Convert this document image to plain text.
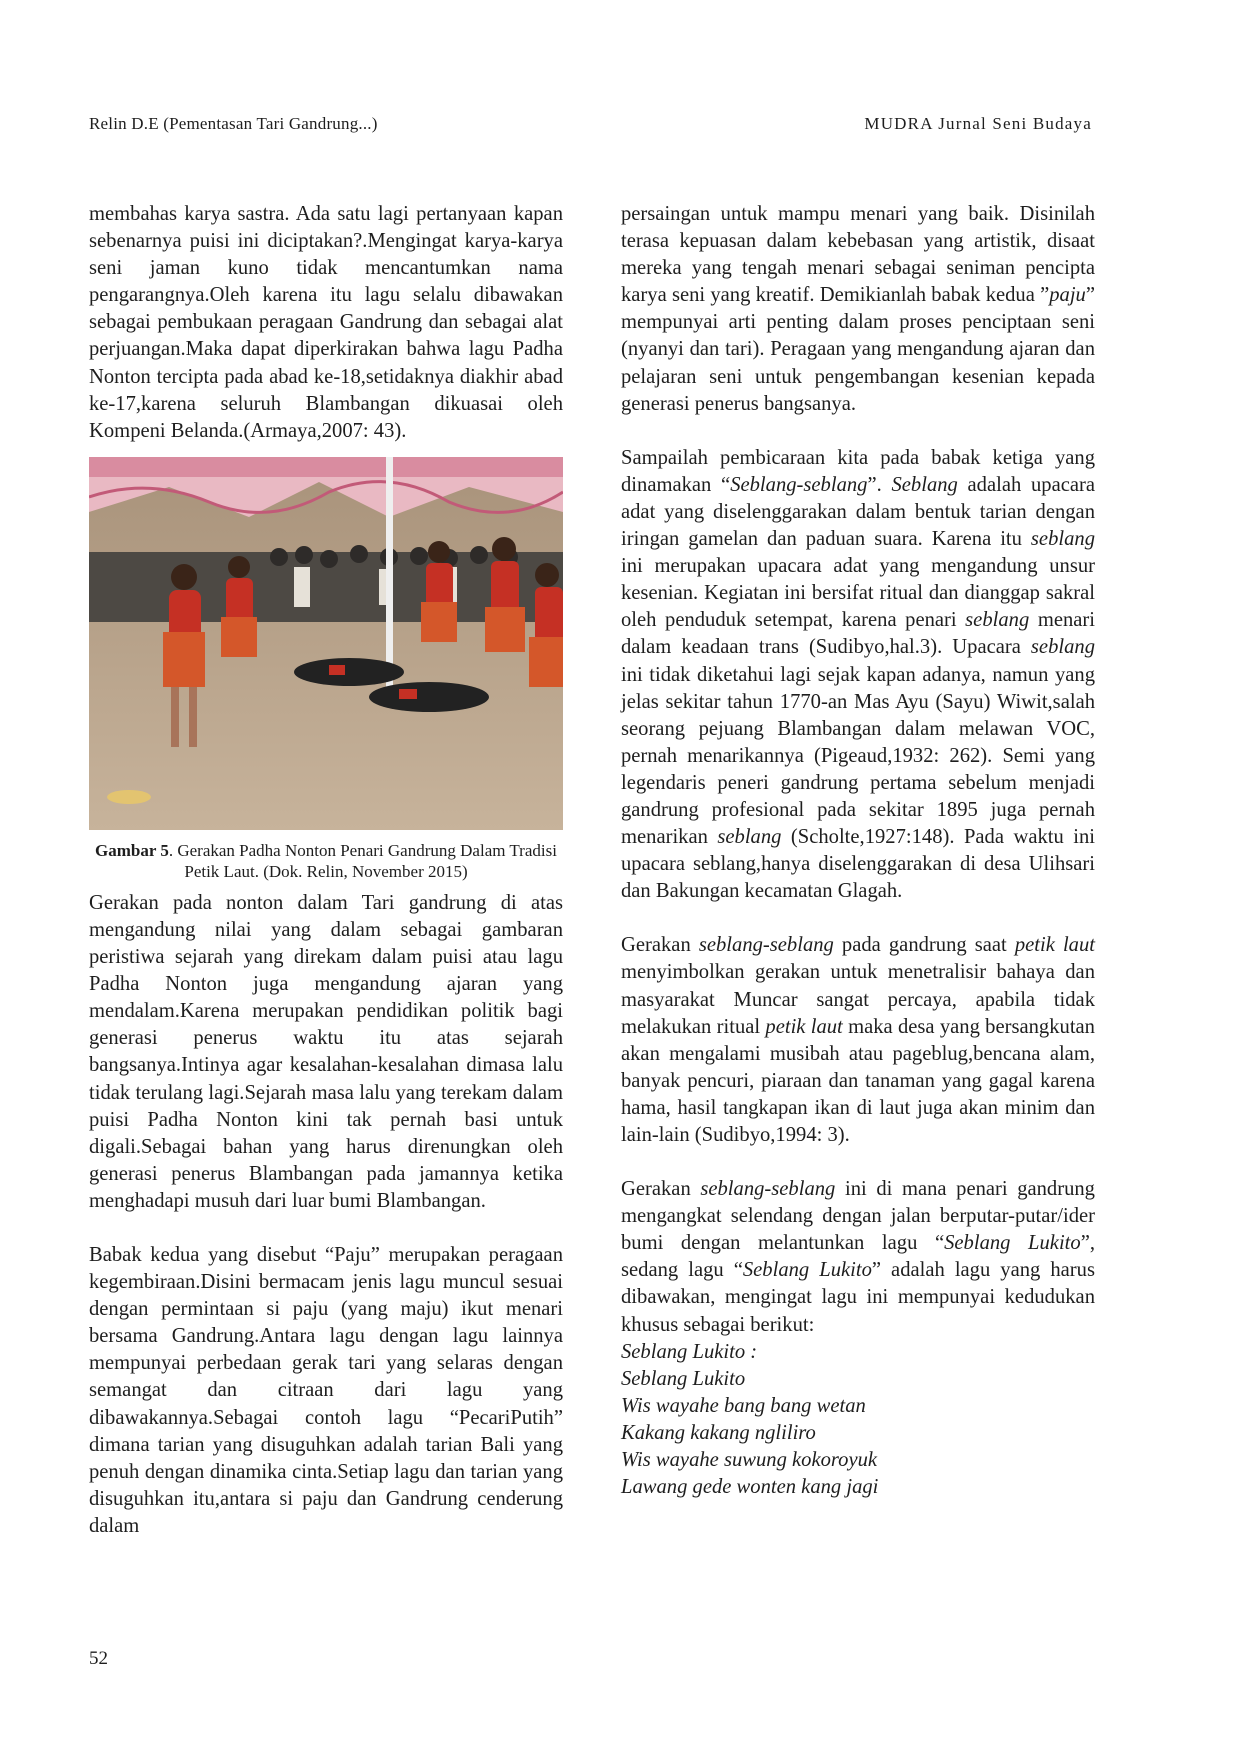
Relin D.E (Pementasan Tari Gandrung...)	MUDRA Jurnal Seni Budaya

membahas karya sastra. Ada satu lagi pertanyaan kapan sebenarnya puisi ini diciptakan?.Mengingat karya-karya seni jaman kuno tidak mencantumkan nama pengarangnya.Oleh karena itu lagu selalu dibawakan sebagai pembukaan peragaan Gandrung dan sebagai alat perjuangan.Maka dapat diperkirakan bahwa lagu Padha Nonton tercipta pada abad ke-18,setidaknya diakhir abad ke-17,karena seluruh Blambangan dikuasai oleh Kompeni Belanda.(Armaya,2007: 43).

Gambar 5. Gerakan Padha Nonton Penari Gandrung Dalam Tradisi Petik Laut. (Dok. Relin, November 2015)

Gerakan pada nonton dalam Tari gandrung di atas mengandung nilai yang dalam sebagai gambaran peristiwa sejarah yang direkam dalam puisi atau lagu Padha Nonton juga mengandung ajaran yang mendalam.Karena merupakan pendidikan politik bagi generasi penerus waktu itu atas sejarah bangsanya.Intinya agar kesalahan-kesalahan dimasa lalu tidak terulang lagi.Sejarah masa lalu yang terekam dalam puisi Padha Nonton kini tak pernah basi untuk digali.Sebagai bahan yang harus direnungkan oleh generasi penerus Blambangan pada jamannya ketika menghadapi musuh dari luar bumi Blambangan.

Babak kedua yang disebut “Paju” merupakan peragaan kegembiraan.Disini bermacam jenis lagu muncul sesuai dengan permintaan si paju (yang maju) ikut menari bersama Gandrung.Antara lagu dengan lagu lainnya mempunyai perbedaan gerak tari yang selaras dengan semangat dan citraan dari lagu yang dibawakannya.Sebagai contoh lagu “PecariPutih” dimana tarian yang disuguhkan adalah tarian Bali yang penuh dengan dinamika cinta.Setiap lagu dan tarian yang disuguhkan itu,antara si paju dan Gandrung cenderung dalam

persaingan untuk mampu menari yang baik. Disinilah terasa kepuasan dalam kebebasan yang artistik, disaat mereka yang tengah menari sebagai seniman pencipta karya seni yang kreatif. Demikianlah babak kedua ”paju” mempunyai arti penting dalam proses penciptaan seni (nyanyi dan tari). Peragaan yang mengandung ajaran dan pelajaran seni untuk pengembangan kesenian kepada generasi penerus bangsanya.

Sampailah pembicaraan kita pada babak ketiga yang dinamakan “Seblang-seblang”. Seblang adalah upacara adat yang diselenggarakan dalam bentuk tarian dengan iringan gamelan dan paduan suara. Karena itu seblang ini merupakan upacara adat yang mengandung unsur kesenian. Kegiatan ini bersifat ritual dan dianggap sakral oleh penduduk setempat, karena penari seblang menari dalam keadaan trans (Sudibyo,hal.3). Upacara seblang ini tidak diketahui lagi sejak kapan adanya, namun yang jelas sekitar tahun 1770-an Mas Ayu (Sayu) Wiwit,salah seorang pejuang Blambangan dalam melawan VOC, pernah menarikannya (Pigeaud,1932: 262). Semi yang legendaris peneri gandrung pertama sebelum menjadi gandrung profesional pada sekitar 1895 juga pernah menarikan seblang (Scholte,1927:148). Pada waktu ini upacara seblang,hanya diselenggarakan di desa Ulihsari dan Bakungan kecamatan Glagah.

Gerakan seblang-seblang pada gandrung saat petik laut menyimbolkan gerakan untuk menetralisir bahaya dan masyarakat Muncar sangat percaya, apabila tidak melakukan ritual petik laut maka desa yang bersangkutan akan mengalami musibah atau pageblug,bencana alam, banyak pencuri, piaraan dan tanaman yang gagal karena hama, hasil tangkapan ikan di laut juga akan minim dan lain-lain (Sudibyo,1994: 3).

Gerakan seblang-seblang ini di mana penari gandrung mengangkat selendang dengan jalan berputar-putar/ider bumi dengan melantunkan lagu “Seblang Lukito”, sedang lagu “Seblang Lukito” adalah lagu yang harus dibawakan, mengingat lagu ini mempunyai kedudukan khusus sebagai berikut:

Seblang Lukito :

Seblang Lukito

Wis wayahe bang bang wetan

Kakang kakang ngliliro

Wis wayahe suwung kokoroyuk

Lawang gede wonten kang jagi

52
